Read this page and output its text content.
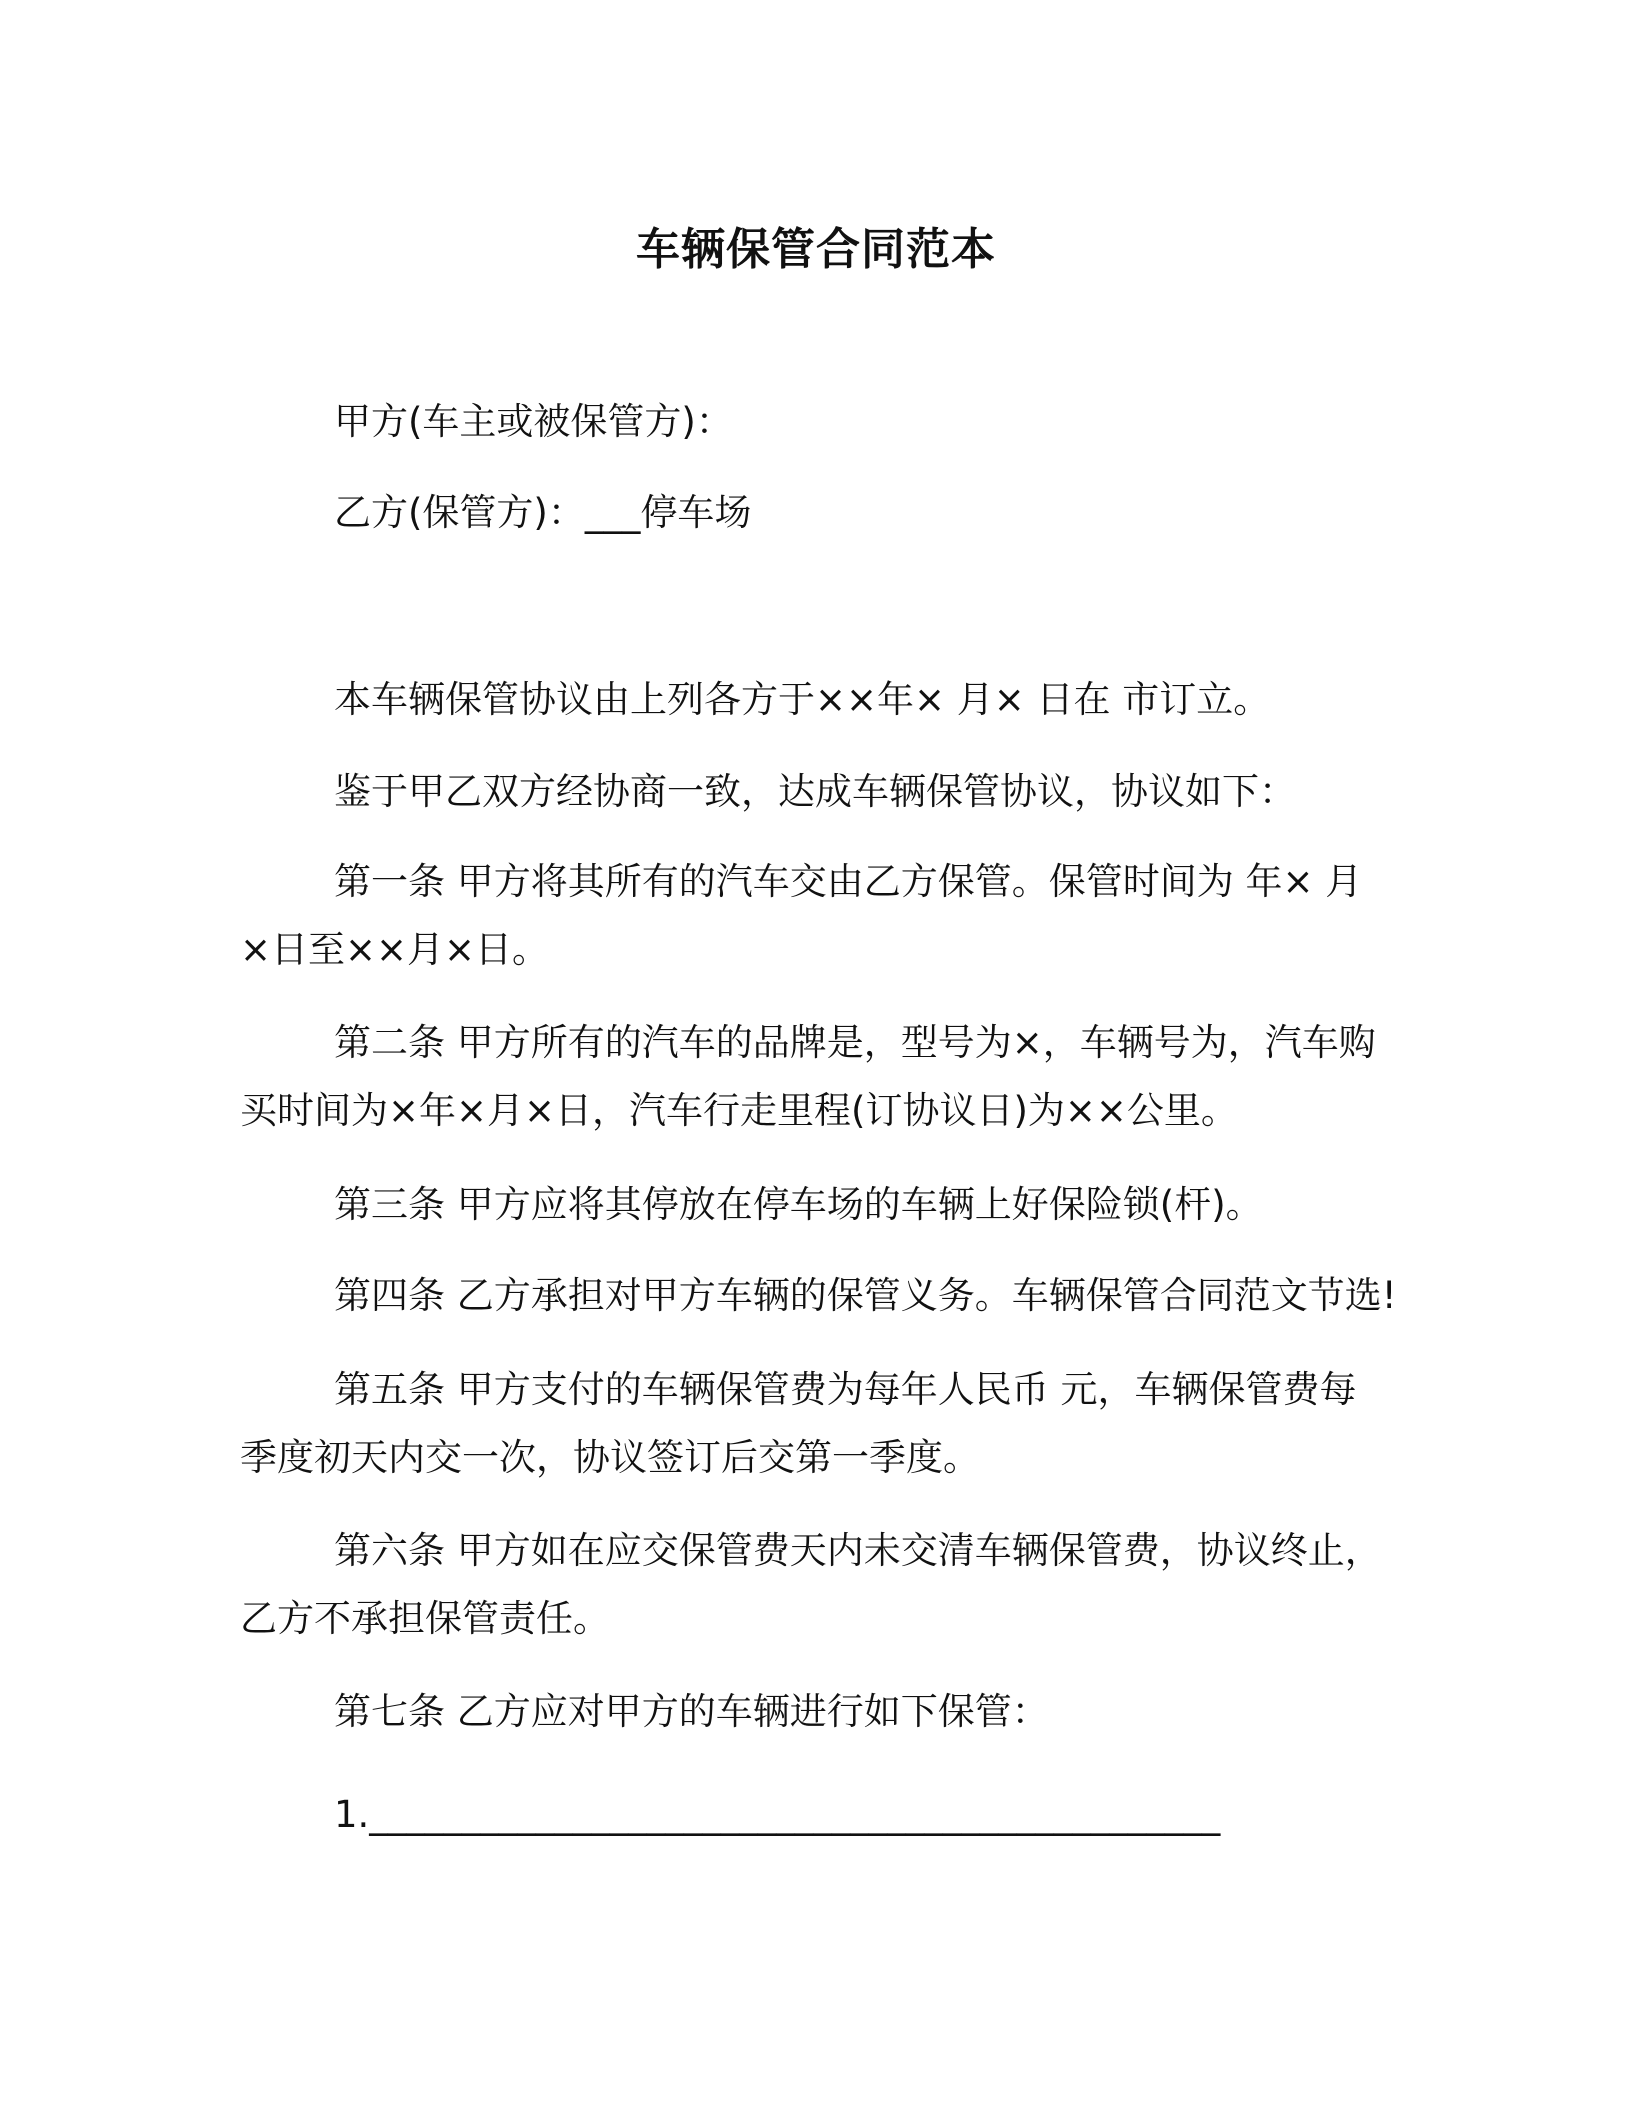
车辆保管合同范本
甲方(车主或被保管方)：
乙方(保管方)：___停车场
本车辆保管协议由上列各方于××年× 月× 日在 市订立。
鉴于甲乙双方经协商一致，达成车辆保管协议，协议如下：
第一条 甲方将其所有的汽车交由乙方保管。保管时间为 年× 月
×日至××月×日。
第二条 甲方所有的汽车的品牌是，型号为×，车辆号为，汽车购
买时间为×年×月×日，汽车行走里程(订协议日)为××公里。
第三条 甲方应将其停放在停车场的车辆上好保险锁(杆)。
第四条 乙方承担对甲方车辆的保管义务。车辆保管合同范文节选!
第五条 甲方支付的车辆保管费为每年人民币 元，车辆保管费每
季度初天内交一次，协议签订后交第一季度。
第六条 甲方如在应交保管费天内未交清车辆保管费，协议终止，
乙方不承担保管责任。
第七条 乙方应对甲方的车辆进行如下保管：
1.______________________________________________
